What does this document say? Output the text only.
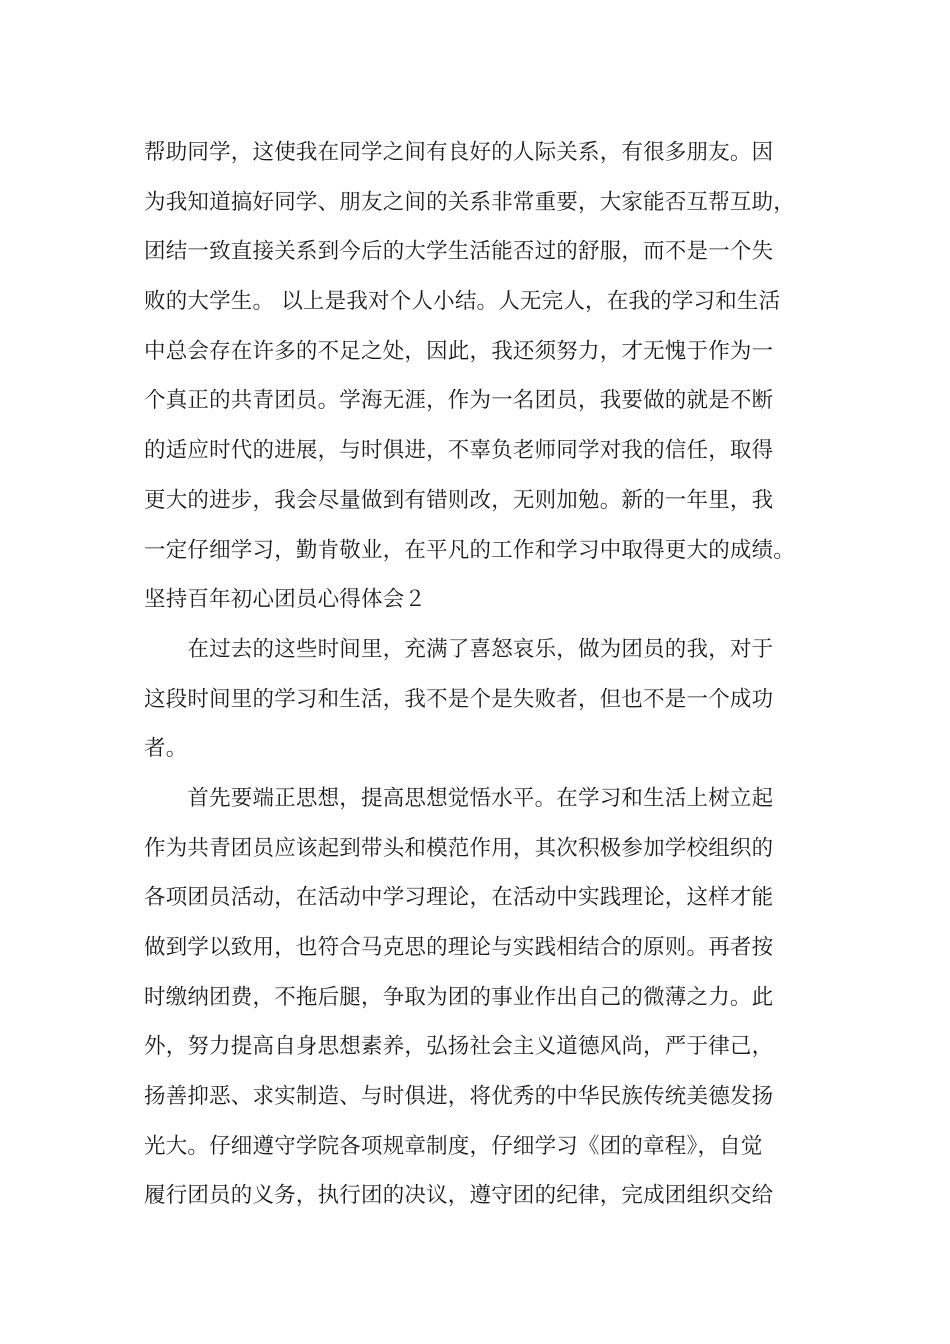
帮助同学，这使我在同学之间有良好的人际关系，有很多朋友。因
为我知道搞好同学、朋友之间的关系非常重要，大家能否互帮互助，
团结一致直接关系到今后的大学生活能否过的舒服，而不是一个失
败的大学生。 以上是我对个人小结。人无完人，在我的学习和生活
中总会存在许多的不足之处，因此，我还须努力，才无愧于作为一
个真正的共青团员。学海无涯，作为一名团员，我要做的就是不断
的适应时代的进展，与时俱进，不辜负老师同学对我的信任，取得
更大的进步，我会尽量做到有错则改，无则加勉。新的一年里，我
一定仔细学习，勤肯敬业，在平凡的工作和学习中取得更大的成绩。
坚持百年初心团员心得体会２
　　在过去的这些时间里，充满了喜怒哀乐，做为团员的我，对于
这段时间里的学习和生活，我不是个是失败者，但也不是一个成功
者。
　　首先要端正思想，提高思想觉悟水平。在学习和生活上树立起
作为共青团员应该起到带头和模范作用，其次积极参加学校组织的
各项团员活动，在活动中学习理论，在活动中实践理论，这样才能
做到学以致用，也符合马克思的理论与实践相结合的原则。再者按
时缴纳团费，不拖后腿，争取为团的事业作出自己的微薄之力。此
外，努力提高自身思想素养，弘扬社会主义道德风尚，严于律己，
扬善抑恶、求实制造、与时俱进，将优秀的中华民族传统美德发扬
光大。仔细遵守学院各项规章制度，仔细学习《团的章程》，自觉
履行团员的义务，执行团的决议，遵守团的纪律，完成团组织交给
